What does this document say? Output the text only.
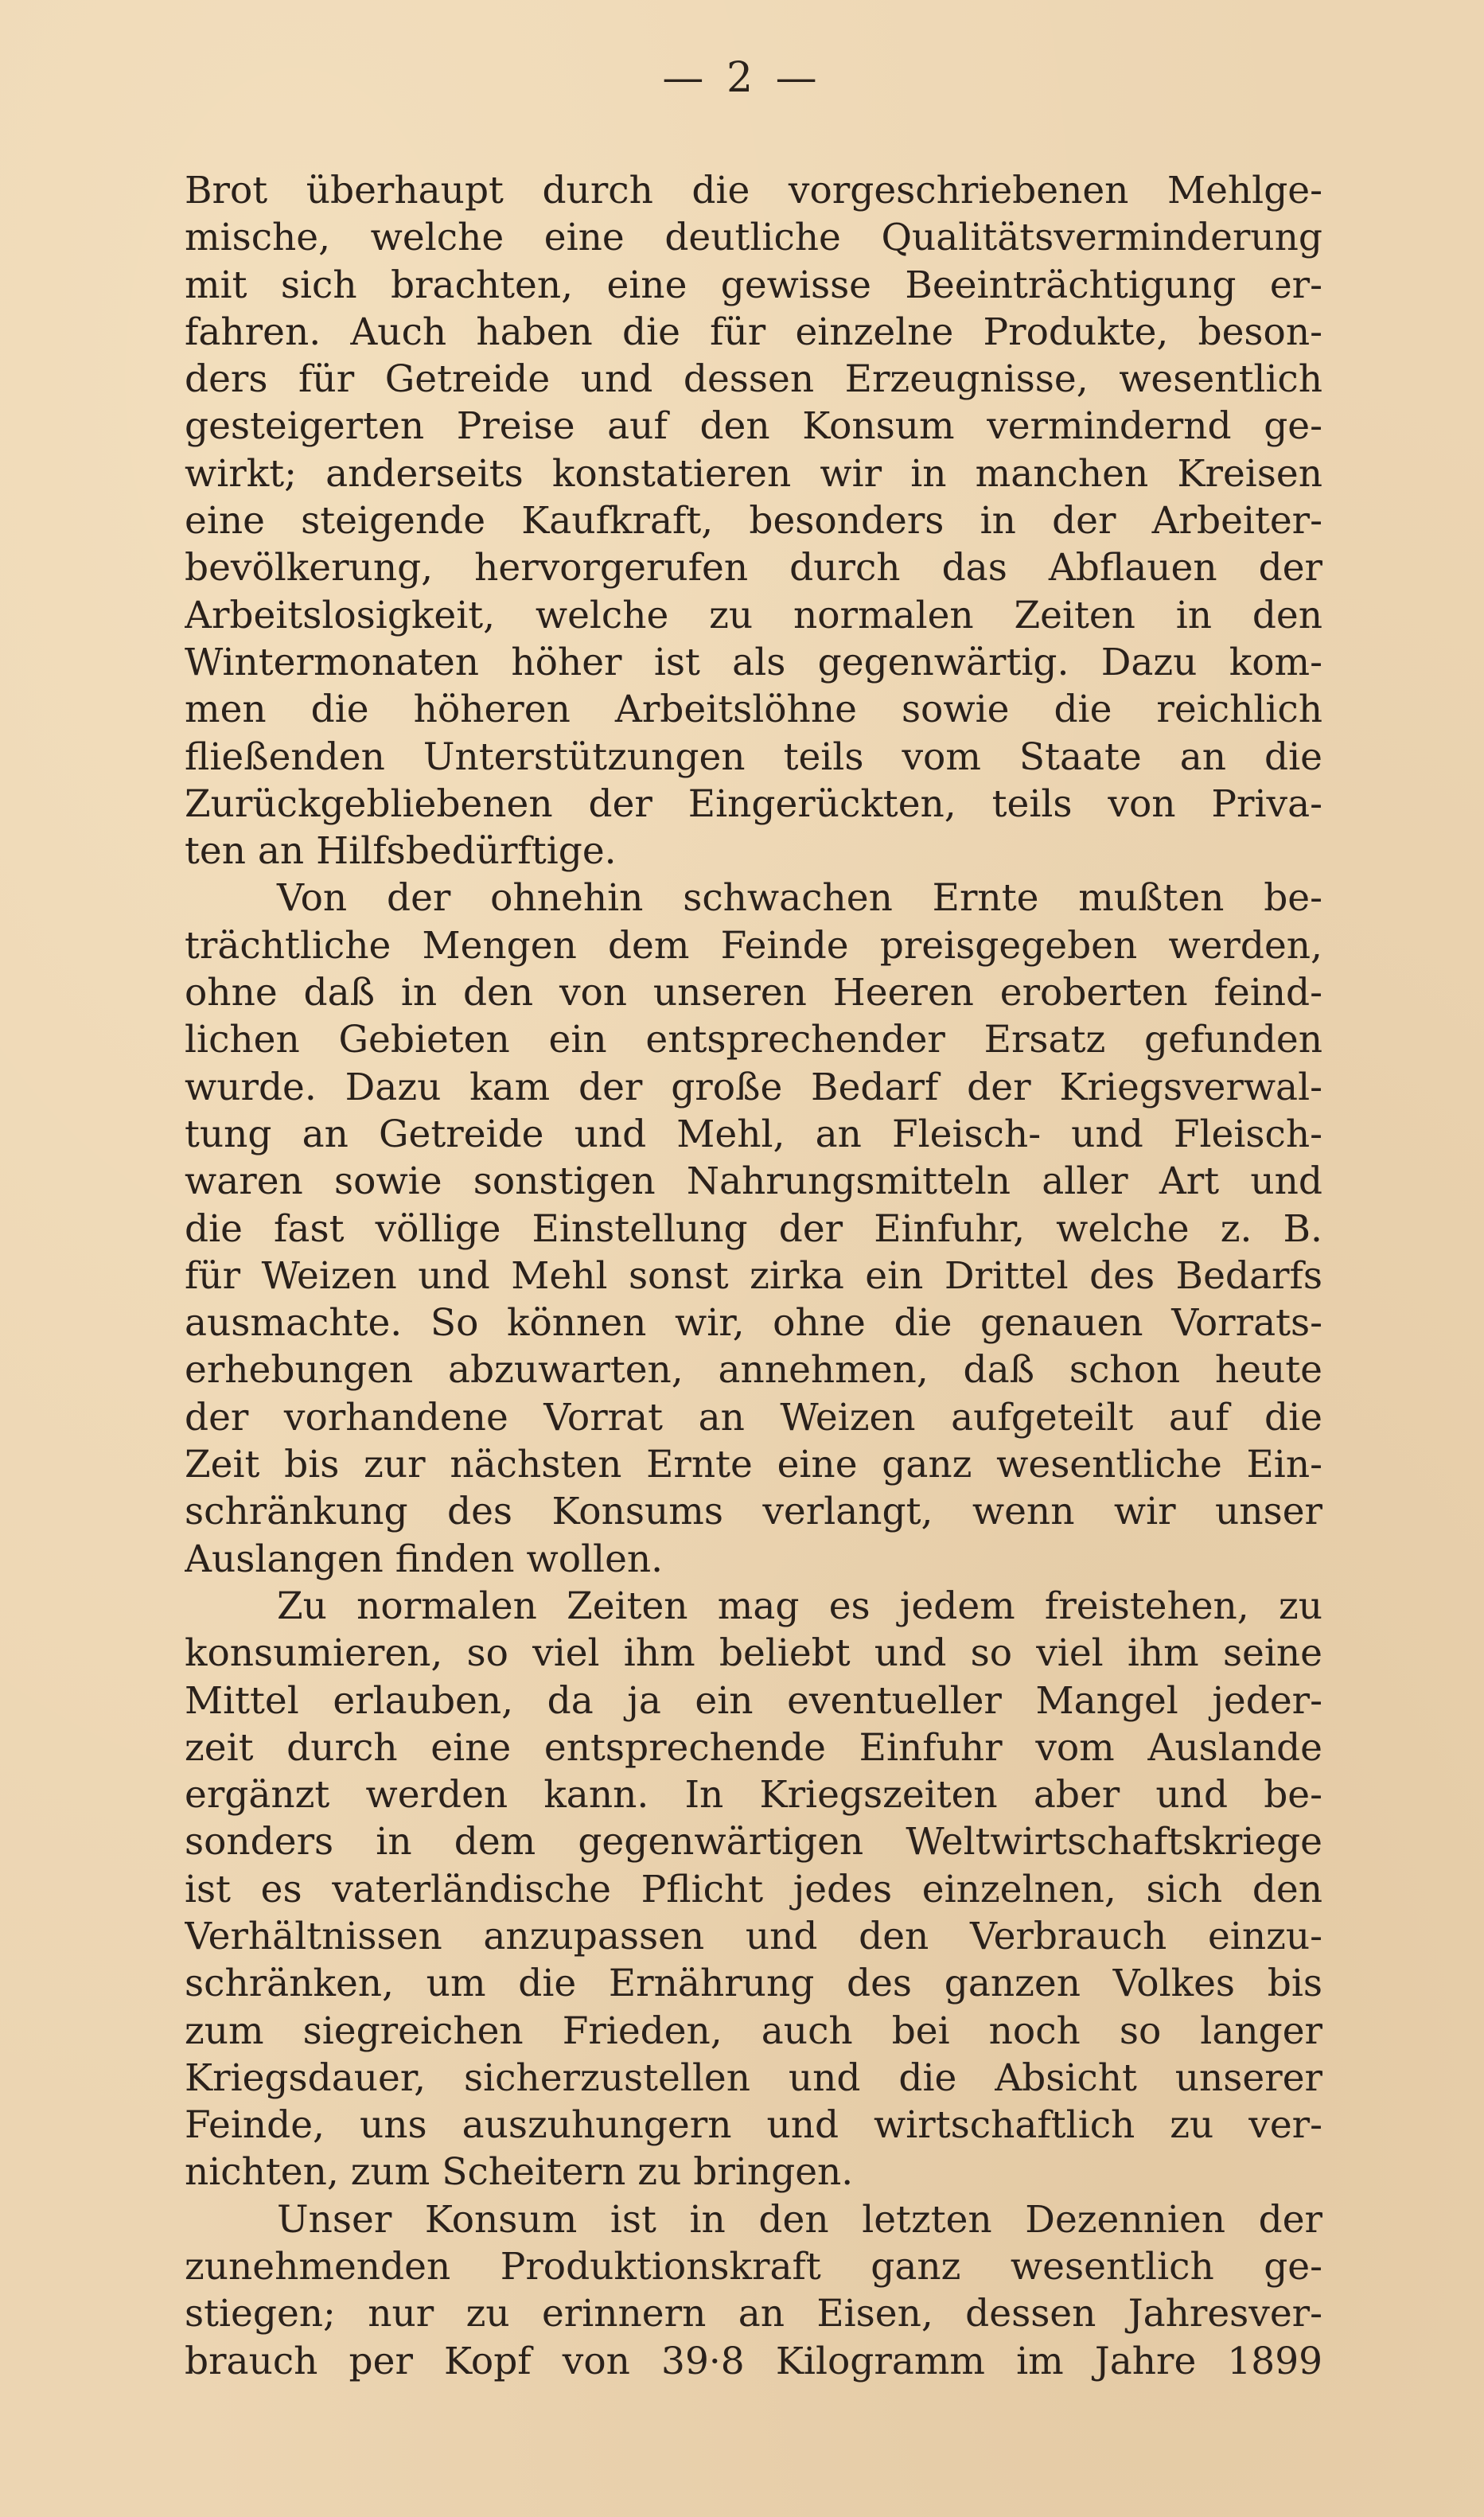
— 2 —
Brot überhaupt durch die vorgeschriebenen Mehlge-
mische, welche eine deutliche Qualitätsverminderung
mit sich brachten, eine gewisse Beeinträchtigung er-
fahren. Auch haben die für einzelne Produkte, beson-
ders für Getreide und dessen Erzeugnisse, wesentlich
gesteigerten Preise auf den Konsum vermindernd ge-
wirkt; anderseits konstatieren wir in manchen Kreisen
eine steigende Kaufkraft, besonders in der Arbeiter-
bevölkerung, hervorgerufen durch das Abflauen der
Arbeitslosigkeit, welche zu normalen Zeiten in den
Wintermonaten höher ist als gegenwärtig. Dazu kom-
men die höheren Arbeitslöhne sowie die reichlich
fließenden Unterstützungen teils vom Staate an die
Zurückgebliebenen der Eingerückten, teils von Priva-
ten an Hilfsbedürftige.
Von der ohnehin schwachen Ernte mußten be-
trächtliche Mengen dem Feinde preisgegeben werden,
ohne daß in den von unseren Heeren eroberten feind-
lichen Gebieten ein entsprechender Ersatz gefunden
wurde. Dazu kam der große Bedarf der Kriegsverwal-
tung an Getreide und Mehl, an Fleisch- und Fleisch-
waren sowie sonstigen Nahrungsmitteln aller Art und
die fast völlige Einstellung der Einfuhr, welche z. B.
für Weizen und Mehl sonst zirka ein Drittel des Bedarfs
ausmachte. So können wir, ohne die genauen Vorrats-
erhebungen abzuwarten, annehmen, daß schon heute
der vorhandene Vorrat an Weizen aufgeteilt auf die
Zeit bis zur nächsten Ernte eine ganz wesentliche Ein-
schränkung des Konsums verlangt, wenn wir unser
Auslangen finden wollen.
Zu normalen Zeiten mag es jedem freistehen, zu
konsumieren, so viel ihm beliebt und so viel ihm seine
Mittel erlauben, da ja ein eventueller Mangel jeder-
zeit durch eine entsprechende Einfuhr vom Auslande
ergänzt werden kann. In Kriegszeiten aber und be-
sonders in dem gegenwärtigen Weltwirtschaftskriege
ist es vaterländische Pflicht jedes einzelnen, sich den
Verhältnissen anzupassen und den Verbrauch einzu-
schränken, um die Ernährung des ganzen Volkes bis
zum siegreichen Frieden, auch bei noch so langer
Kriegsdauer, sicherzustellen und die Absicht unserer
Feinde, uns auszuhungern und wirtschaftlich zu ver-
nichten, zum Scheitern zu bringen.
Unser Konsum ist in den letzten Dezennien der
zunehmenden Produktionskraft ganz wesentlich ge-
stiegen; nur zu erinnern an Eisen, dessen Jahresver-
brauch per Kopf von 39·8 Kilogramm im Jahre 1899
